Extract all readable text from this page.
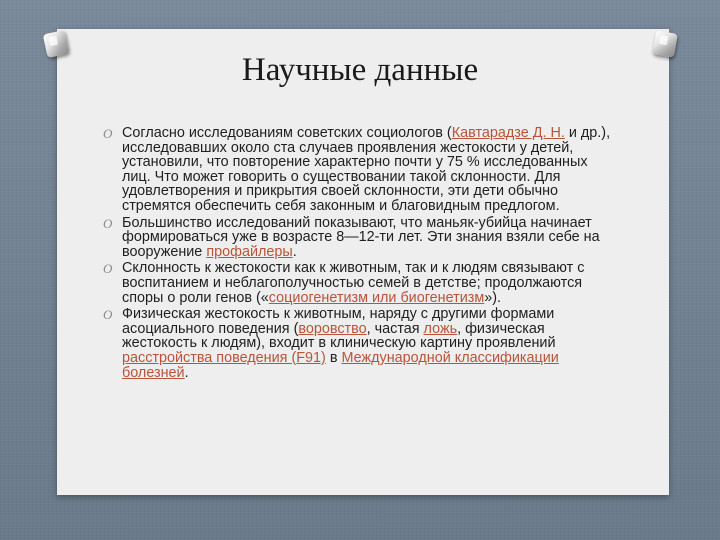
Научные данные
O Согласно исследованиям советских социологов (Кавтарадзе Д. Н. и др.), исследовавших около ста случаев проявления жестокости у детей, установили, что повторение характерно почти у 75 % исследованных лиц. Что может говорить о существовании такой склонности. Для удовлетворения и прикрытия своей склонности, эти дети обычно стремятся обеспечить себя законным и благовидным предлогом.
O Большинство исследований показывают, что маньяк-убийца начинает формироваться уже в возрасте 8—12-ти лет. Эти знания взяли себе на вооружение профайлеры.
O Склонность к жестокости как к животным, так и к людям связывают с воспитанием и неблагополучностью семей в детстве; продолжаются споры о роли генов («социогенетизм или биогенетизм»).
O Физическая жестокость к животным, наряду с другими формами асоциального поведения (воровство, частая ложь, физическая жестокость к людям), входит в клиническую картину проявлений расстройства поведения (F91) в Международной классификации болезней.
